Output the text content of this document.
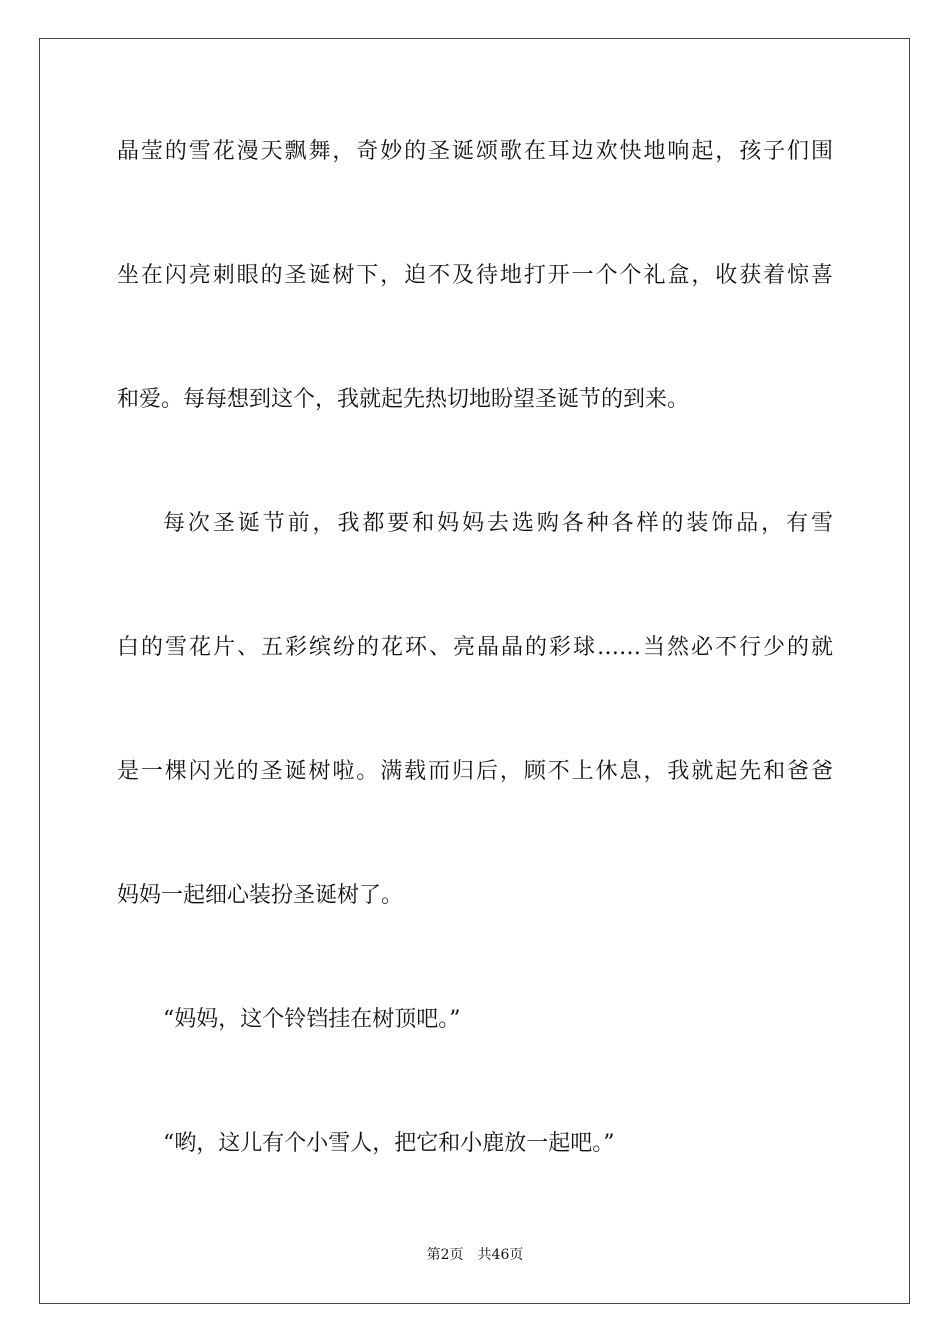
晶莹的雪花漫天飘舞，奇妙的圣诞颂歌在耳边欢快地响起，孩子们围
坐在闪亮刺眼的圣诞树下，迫不及待地打开一个个礼盒，收获着惊喜
和爱。每每想到这个，我就起先热切地盼望圣诞节的到来。
每次圣诞节前，我都要和妈妈去选购各种各样的装饰品，有雪
白的雪花片、五彩缤纷的花环、亮晶晶的彩球……当然必不行少的就
是一棵闪光的圣诞树啦。满载而归后，顾不上休息，我就起先和爸爸
妈妈一起细心装扮圣诞树了。
“妈妈，这个铃铛挂在树顶吧。”
“哟，这儿有个小雪人，把它和小鹿放一起吧。”
第2页 共46页
